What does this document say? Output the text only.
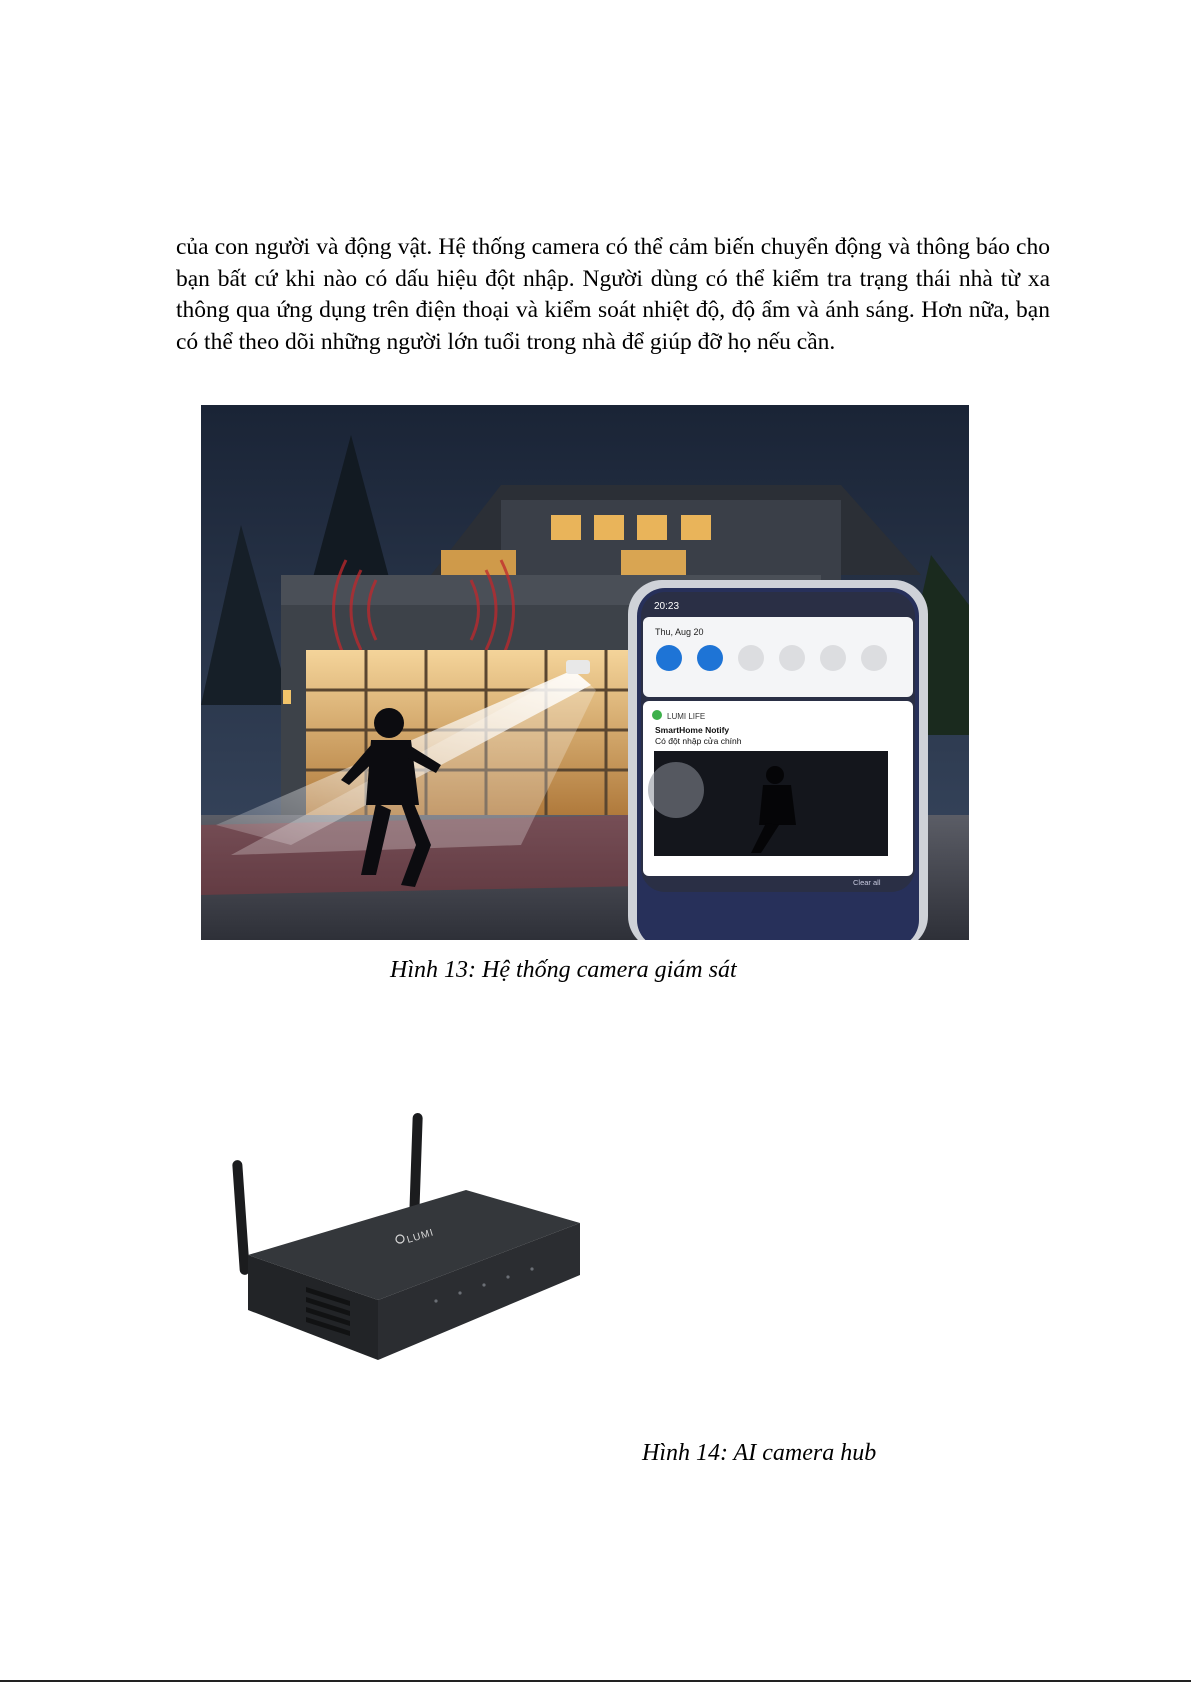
của con người và động vật. Hệ thống camera có thể cảm biến chuyển động và thông báo cho bạn bất cứ khi nào có dấu hiệu đột nhập. Người dùng có thể kiểm tra trạng thái nhà từ xa thông qua ứng dụng trên điện thoại và kiểm soát nhiệt độ, độ ẩm và ánh sáng. Hơn nữa, bạn có thể theo dõi những người lớn tuổi trong nhà để giúp đỡ họ nếu cần.

20:23
Thu, Aug 20
LUMI LIFE
SmartHome Notify
Có đột nhập cửa chính
Clear all
Hình 13: Hệ thống camera giám sát
LUMI
Hình 14: AI camera hub
